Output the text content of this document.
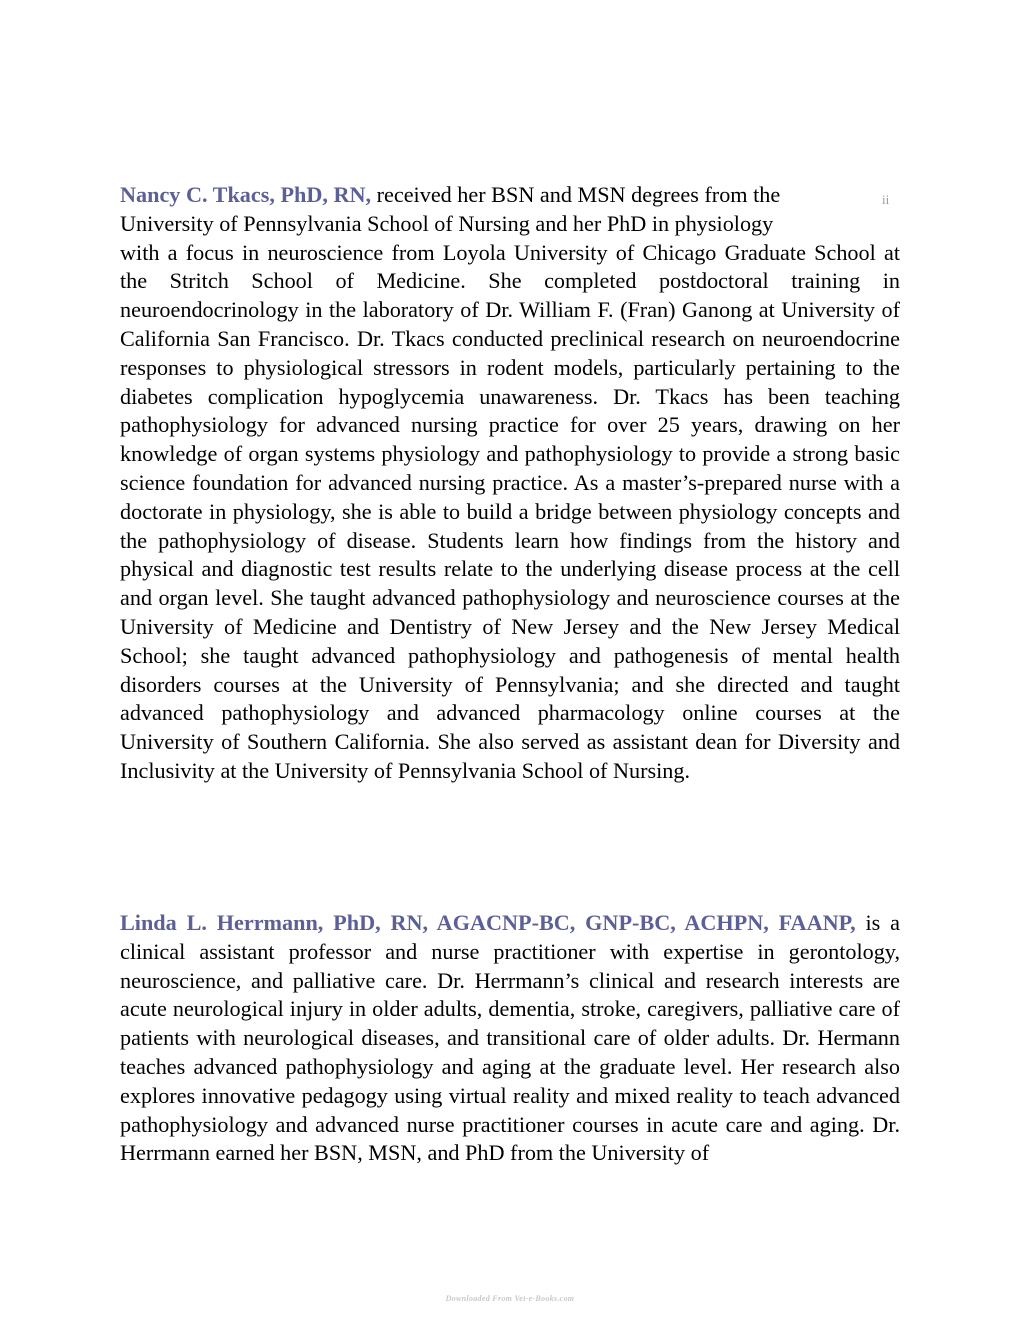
ii
Nancy C. Tkacs, PhD, RN, received her BSN and MSN degrees from the
University of Pennsylvania School of Nursing and her PhD in physiology
with a focus in neuroscience from Loyola University of Chicago Graduate School at the Stritch School of Medicine. She completed postdoctoral training in neuroendocrinology in the laboratory of Dr. William F. (Fran) Ganong at University of California San Francisco. Dr. Tkacs conducted preclinical research on neuroendocrine responses to physiological stressors in rodent models, particularly pertaining to the diabetes complication hypoglycemia unawareness. Dr. Tkacs has been teaching pathophysiology for advanced nursing practice for over 25 years, drawing on her knowledge of organ systems physiology and pathophysiology to provide a strong basic science foundation for advanced nursing practice. As a master’s-prepared nurse with a doctorate in physiology, she is able to build a bridge between physiology concepts and the pathophysiology of disease. Students learn how findings from the history and physical and diagnostic test results relate to the underlying disease process at the cell and organ level. She taught advanced pathophysiology and neuroscience courses at the University of Medicine and Dentistry of New Jersey and the New Jersey Medical School; she taught advanced pathophysiology and pathogenesis of mental health disorders courses at the University of Pennsylvania; and she directed and taught advanced pathophysiology and advanced pharmacology online courses at the University of Southern California. She also served as assistant dean for Diversity and Inclusivity at the University of Pennsylvania School of Nursing.
Linda L. Herrmann, PhD, RN, AGACNP-BC, GNP-BC, ACHPN, FAANP, is a clinical assistant professor and nurse practitioner with expertise in gerontology, neuroscience, and palliative care. Dr. Herrmann’s clinical and research interests are acute neurological injury in older adults, dementia, stroke, caregivers, palliative care of patients with neurological diseases, and transitional care of older adults. Dr. Hermann teaches advanced pathophysiology and aging at the graduate level. Her research also explores innovative pedagogy using virtual reality and mixed reality to teach advanced pathophysiology and advanced nurse practitioner courses in acute care and aging. Dr. Herrmann earned her BSN, MSN, and PhD from the University of
Downloaded From Vet-e-Books.com
